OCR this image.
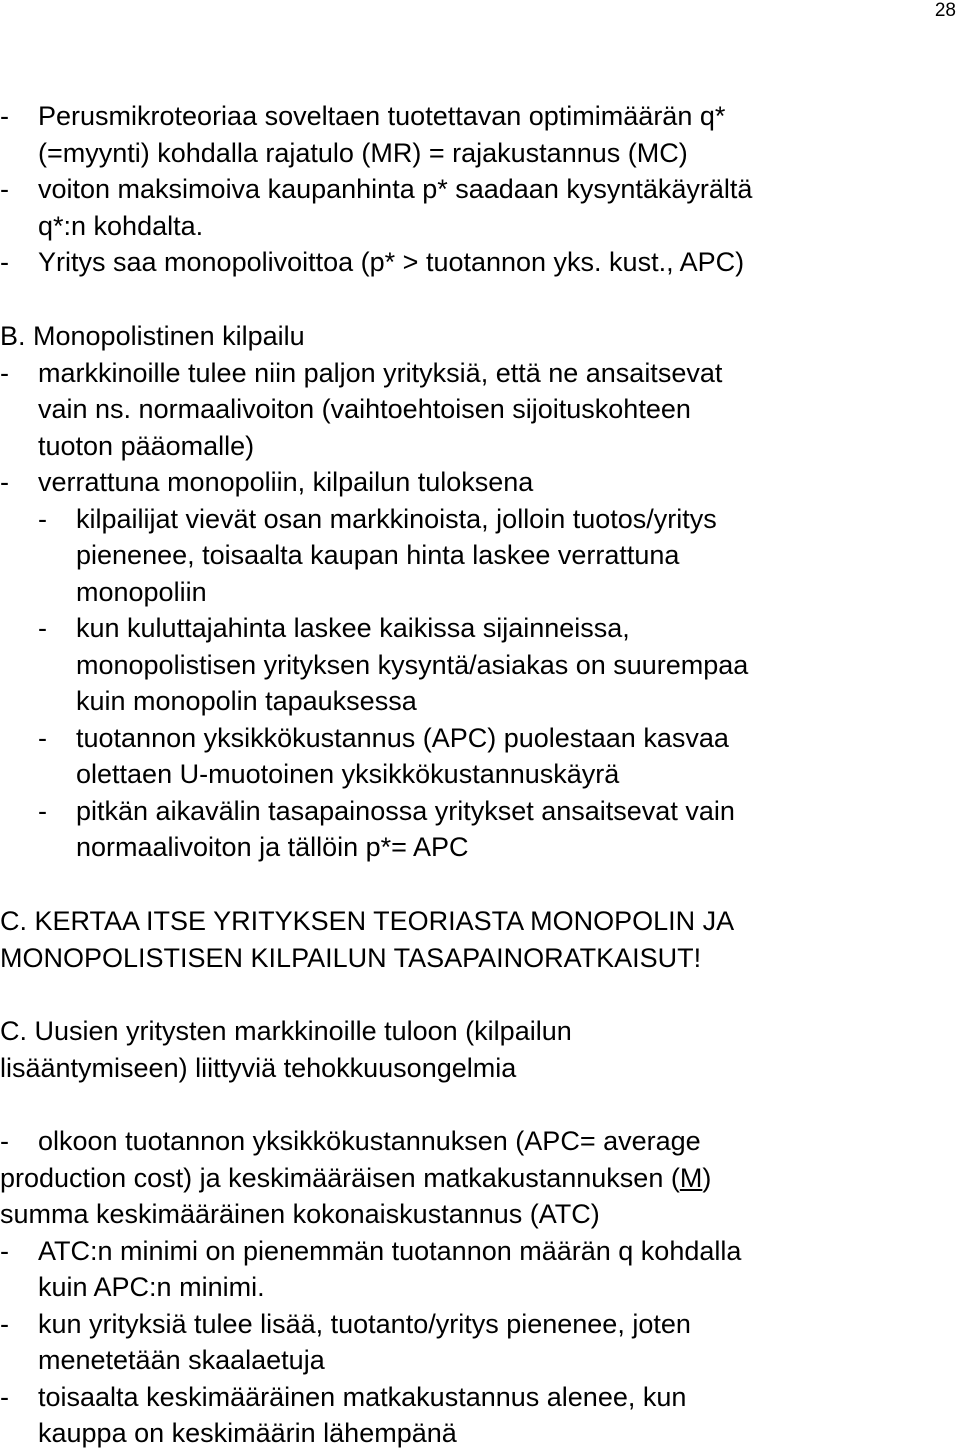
28
- Perusmikroteoriaa soveltaen tuotettavan optimimäärän q*
(=myynti) kohdalla rajatulo (MR) = rajakustannus (MC)
- voiton maksimoiva kaupanhinta p* saadaan kysyntäkäyrältä
q*:n kohdalta.
- Yritys saa monopolivoittoa (p* > tuotannon yks. kust., APC)
B. Monopolistinen kilpailu
- markkinoille tulee niin paljon yrityksiä, että ne ansaitsevat
vain ns. normaalivoiton (vaihtoehtoisen sijoituskohteen
tuoton pääomalle)
- verrattuna monopoliin, kilpailun tuloksena
- kilpailijat vievät osan markkinoista, jolloin tuotos/yritys
pienenee, toisaalta kaupan hinta laskee verrattuna
monopoliin
- kun kuluttajahinta laskee kaikissa sijainneissa,
monopolistisen yrityksen kysyntä/asiakas on suurempaa
kuin monopolin tapauksessa
- tuotannon yksikkökustannus (APC) puolestaan kasvaa
olettaen U-muotoinen yksikkökustannuskäyrä
- pitkän aikavälin tasapainossa yritykset ansaitsevat vain
normaalivoiton ja tällöin p*= APC
C. KERTAA ITSE YRITYKSEN TEORIASTA MONOPOLIN JA
MONOPOLISTISEN KILPAILUN TASAPAINORATKAISUT!
C. Uusien yritysten markkinoille tuloon (kilpailun
lisääntymiseen) liittyviä tehokkuusongelmia
- olkoon tuotannon yksikkökustannuksen (APC= average
production cost) ja keskimääräisen matkakustannuksen (M)
summa keskimääräinen kokonaiskustannus (ATC)
- ATC:n minimi on pienemmän tuotannon määrän q kohdalla
kuin APC:n minimi.
- kun yrityksiä tulee lisää, tuotanto/yritys pienenee, joten
menetetään skaalaetuja
- toisaalta keskimääräinen matkakustannus alenee, kun
kauppa on keskimäärin lähempänä
